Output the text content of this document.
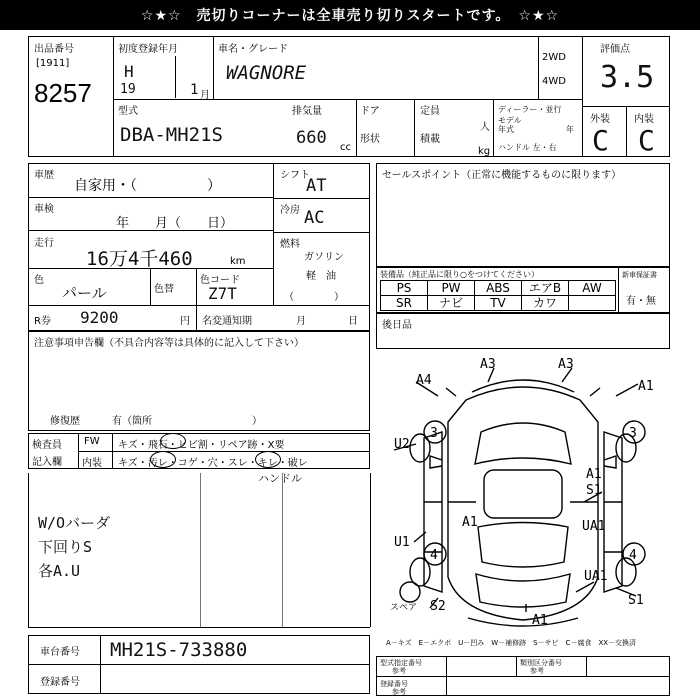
☆★☆　売切りコーナーは全車売り切りスタートです。　☆★☆
出品番号
[1911]
8257
初度登録年月
H
19	1 月
車名・グレード
WAGNORE
2WD
4WD
評価点
3.5
型式
DBA-MH21S
排気量
660 cc
ドア
形状
定員
人
積載
kg
ディーラー・並行
モデル
年式	年
ハンドル 左・右
外装 内装
C C
車歴
自家用・（　　　　　）
車検
年　　月（　　日）
走行
16万4千460	km
色
パール	色替
色コード
Z7T
シフト
AT
冷房 AC
燃料
ガソリン
軽　油
（　　　　）
R券 9200	円 名変通知期	月	日
注意事項申告欄（不具合内容等は具体的に記入して下さい）
修復歴	有（箇所　　　　　　　　　　）
検査員
記入欄
FW キズ・飛石・ヒビ割・リペア跡・X要
内装 キズ・汚レ・コゲ・穴・スレ・キレ・破レ
ハンドル
W/Oバーダ
下回りS
各A.U
車台番号 MH21S-733880
登録番号
セールスポイント（正常に機能するものに限ります）
装備品（純正品に限り○をつけてください）	新車保証書
有・無
PS	PW	ABS	エアB	AW
SR	ナビ	TV	カワ	
後日品
A4
A3	A3
A1
U2
A1
S1
A1	UA1
U1
UA1
S1
S2
A1
3	3
4	4
スペア
A－キズ　E－エクボ　U－凹み　W－補修跡　S－サビ　C－腐食　XX－交換済
型式指定番号
参考
類別区分番号
参考
登録番号
参考
